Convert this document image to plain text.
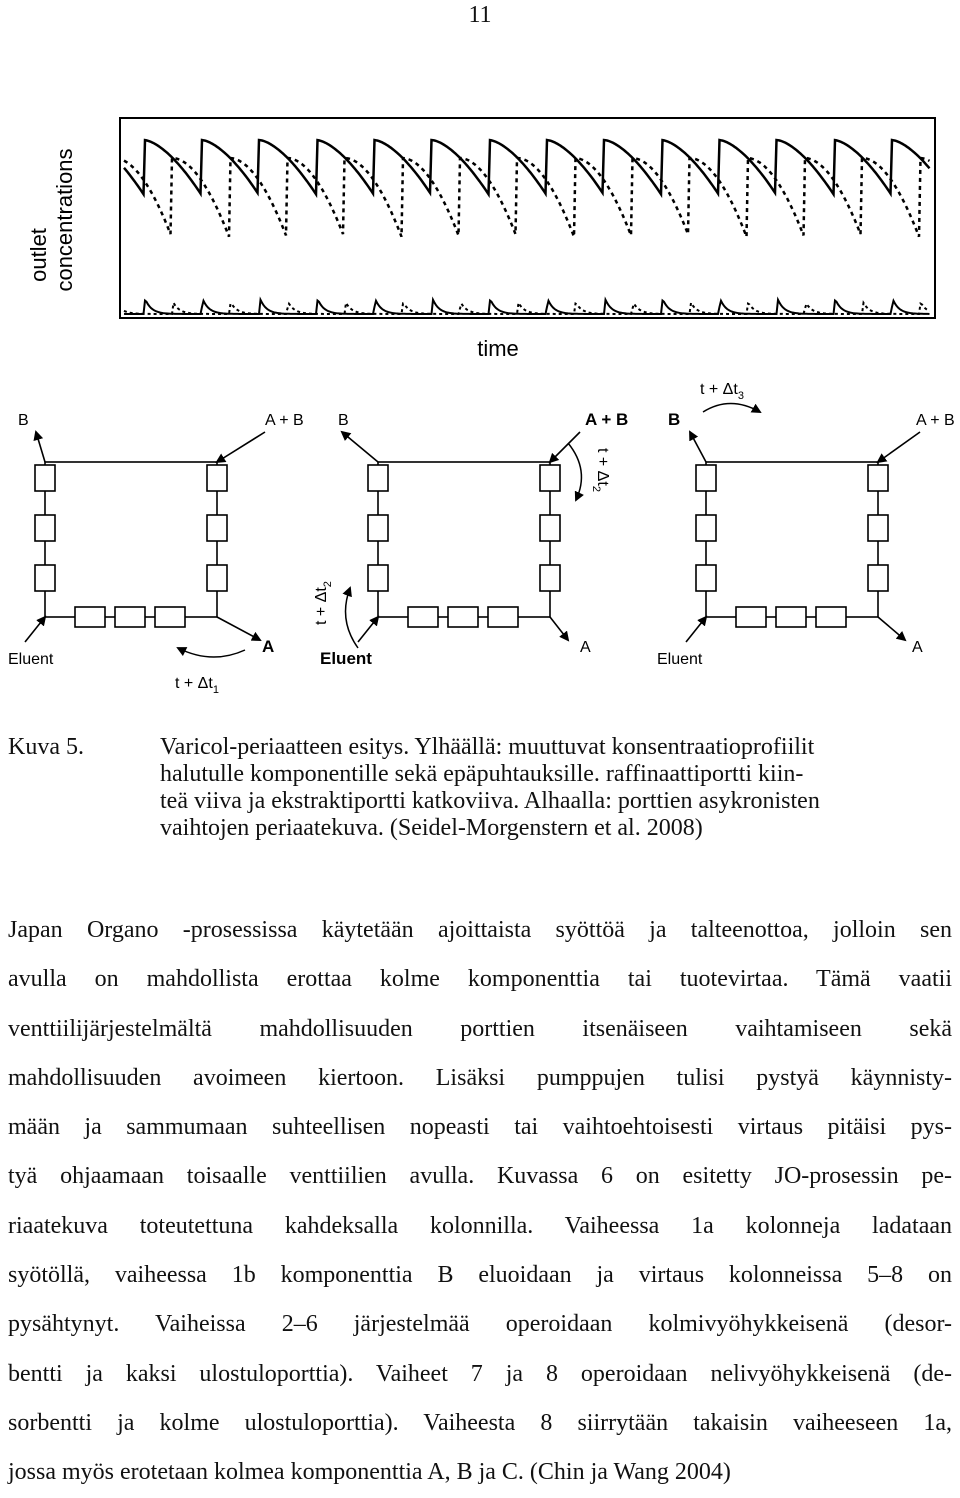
11
outlet concentrations
time
B	A + B
Eluent
A
$t + \Delta t_1$
B	A + B
Eluent
A
$t + \Delta t_2$
$t + \Delta t_2$
B	A + B
Eluent
A
$t + \Delta t_3$
Kuva 5.	Varicol-periaatteen esitys. Ylhäällä: muuttuvat konsentraatioprofiilit
halutulle komponentille sekä epäpuhtauksille. raffinaattiportti kiin-
teä viiva ja ekstraktiportti katkoviiva. Alhaalla: porttien asykronisten
vaihtojen periaatekuva. (Seidel-Morgenstern et al. 2008)
Japan Organo -prosessissa käytetään ajoittaista syöttöä ja talteenottoa, jolloin sen
avulla on mahdollista erottaa kolme komponenttia tai tuotevirtaa. Tämä vaatii
venttiilijärjestelmältä mahdollisuuden porttien itsenäiseen vaihtamiseen sekä
mahdollisuuden avoimeen kiertoon. Lisäksi pumppujen tulisi pystyä käynnisty-
mään ja sammumaan suhteellisen nopeasti tai vaihtoehtoisesti virtaus pitäisi pys-
tyä ohjaamaan toisaalle venttiilien avulla. Kuvassa 6 on esitetty JO-prosessin pe-
riaatekuva toteutettuna kahdeksalla kolonnilla. Vaiheessa 1a kolonneja ladataan
syötöllä, vaiheessa 1b komponenttia B eluoidaan ja virtaus kolonneissa 5–8 on
pysähtynyt. Vaiheissa 2–6 järjestelmää operoidaan kolmivyöhykkeisenä (desor-
bentti ja kaksi ulostuloporttia). Vaiheet 7 ja 8 operoidaan nelivyöhykkeisenä (de-
sorbentti ja kolme ulostuloporttia). Vaiheesta 8 siirrytään takaisin vaiheeseen 1a,
jossa myös erotetaan kolmea komponenttia A, B ja C. (Chin ja Wang 2004)
